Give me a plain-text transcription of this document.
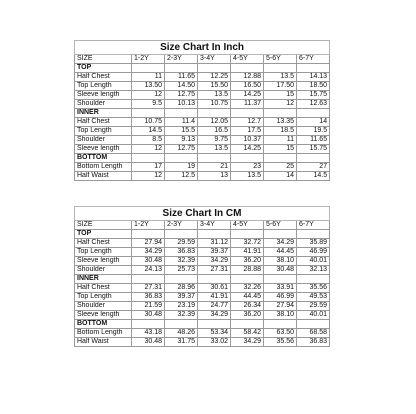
Size Chart In Inch						
SIZE	1-2Y	2-3Y	3-4Y	4-5Y	5-6Y	6-7Y
TOP						
Half Chest	11	11.65	12.25	12.88	13.5	14.13
Top Length	13.50	14.50	15.50	16.50	17.50	18.50
Sleeve length	12	12.75	13.5	14.25	15	15.75
Shoulder	9.5	10.13	10.75	11.37	12	12.63
INNER						
Half Chest	10.75	11.4	12.05	12.7	13.35	14
Top Length	14.5	15.5	16.5	17.5	18.5	19.5
Shoulder	8.5	9.13	9.75	10.37	11	11.65
Sleeve length	12	12.75	13.5	14.25	15	15.75
BOTTOM						
Bottom Length	17	19	21	23	25	27
Half Waist	12	12.5	13	13.5	14	14.5
Size Chart In CM						
SIZE	1-2Y	2-3Y	3-4Y	4-5Y	5-6Y	6-7Y
TOP						
Half Chest	27.94	29.59	31.12	32.72	34.29	35.89
Top Length	34.29	36.83	39.37	41.91	44.45	46.99
Sleeve length	30.48	32.39	34.29	36.20	38.10	40.01
Shoulder	24.13	25.73	27.31	28.88	30.48	32.13
INNER						
Half Chest	27.31	28.96	30.61	32.26	33.91	35.56
Top Length	36.83	39.37	41.91	44.45	46.99	49.53
Shoulder	21.59	23.19	24.77	26.34	27.94	29.59
Sleeve length	30.48	32.39	34.29	36.20	38.10	40.01
BOTTOM						
Bottom Length	43.18	48.26	53.34	58.42	63.50	68.58
Half Waist	30.48	31.75	33.02	34.29	35.56	36.83
